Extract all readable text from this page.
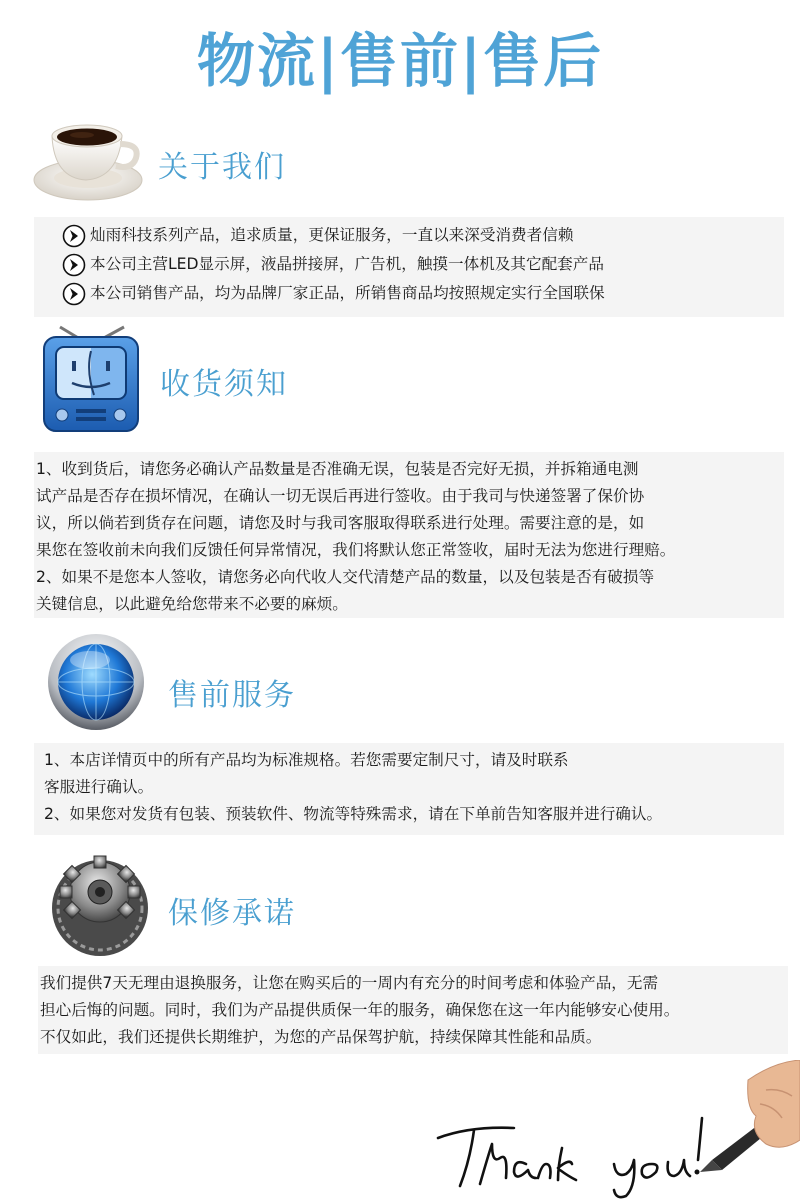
物流|售前|售后
关于我们
灿雨科技系列产品，追求质量，更保证服务，一直以来深受消费者信赖
本公司主营LED显示屏，液晶拼接屏，广告机，触摸一体机及其它配套产品
本公司销售产品，均为品牌厂家正品，所销售商品均按照规定实行全国联保
收货须知
1、收到货后，请您务必确认产品数量是否准确无误，包装是否完好无损，并拆箱通电测
试产品是否存在损坏情况，在确认一切无误后再进行签收。由于我司与快递签署了保价协
议，所以倘若到货存在问题，请您及时与我司客服取得联系进行处理。需要注意的是，如
果您在签收前未向我们反馈任何异常情况，我们将默认您正常签收，届时无法为您进行理赔。
2、如果不是您本人签收，请您务必向代收人交代清楚产品的数量，以及包装是否有破损等
关键信息，以此避免给您带来不必要的麻烦。
售前服务
1、本店详情页中的所有产品均为标准规格。若您需要定制尺寸，请及时联系
客服进行确认。
2、如果您对发货有包装、预装软件、物流等特殊需求，请在下单前告知客服并进行确认。
保修承诺
我们提供7天无理由退换服务，让您在购买后的一周内有充分的时间考虑和体验产品，无需
担心后悔的问题。同时，我们为产品提供质保一年的服务，确保您在这一年内能够安心使用。
不仅如此，我们还提供长期维护，为您的产品保驾护航，持续保障其性能和品质。
